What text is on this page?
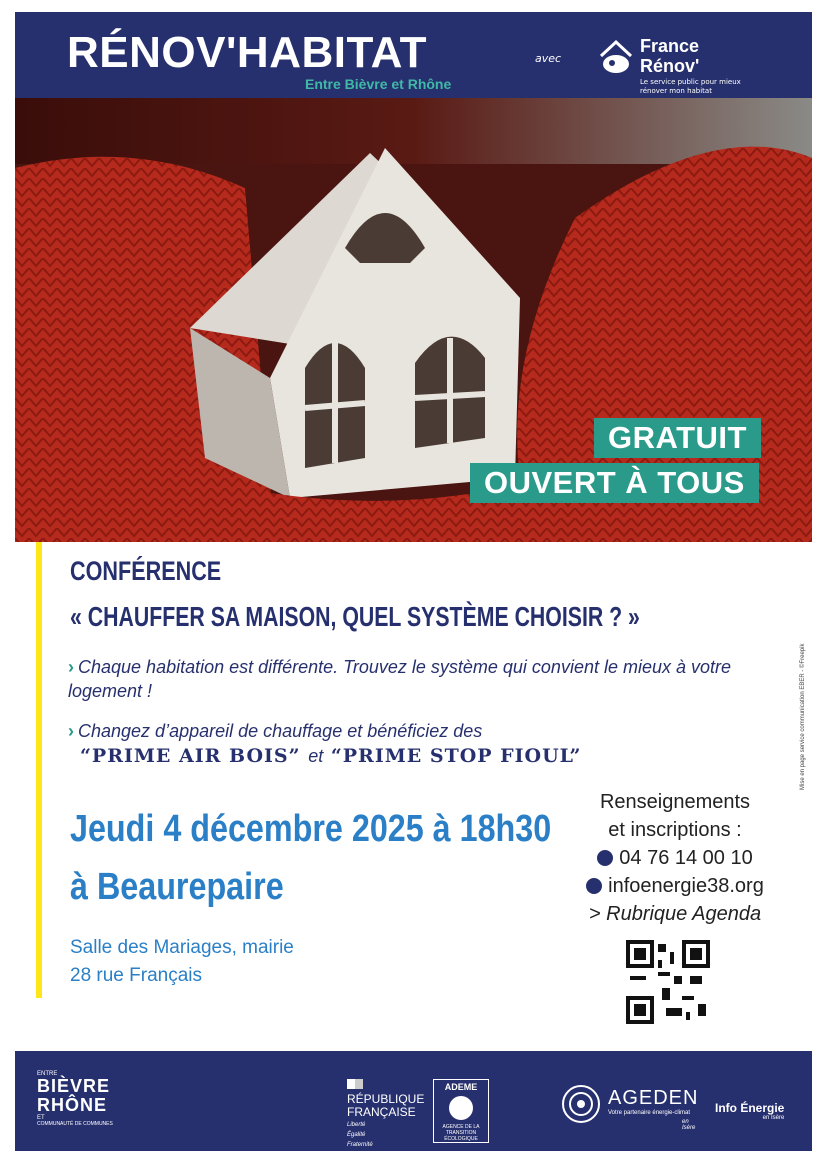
RÉNOV'HABITAT
Entre Bièvre et Rhône
avec
France
Rénov'
Le service public pour mieux rénover mon habitat
GRATUIT
OUVERT À TOUS
CONFÉRENCE
« CHAUFFER SA MAISON, QUEL SYSTÈME CHOISIR ? »
› Chaque habitation est différente. Trouvez le système qui convient le mieux à votre logement !
› Changez d’appareil de chauffage et bénéficiez des
“PRIME AIR BOIS” et “PRIME STOP FIOUL”
Jeudi 4 décembre 2025 à 18h30
à Beaurepaire
Salle des Mariages, mairie
28 rue Français
Renseignements
et inscriptions :
04 76 14 00 10
infoenergie38.org
> Rubrique Agenda
Mise en page service communication EBER - ©Freepik
ENTRE
BIÈVRE
RHÔNE
ET
COMMUNAUTÉ DE COMMUNES
RÉPUBLIQUE
FRANÇAISE
Liberté
Égalité
Fraternité
ADEME
AGENCE DE LA TRANSITION ÉCOLOGIQUE
AGEDEN
Votre partenaire énergie-climat
en Isère
Info Énergie
en Isère
